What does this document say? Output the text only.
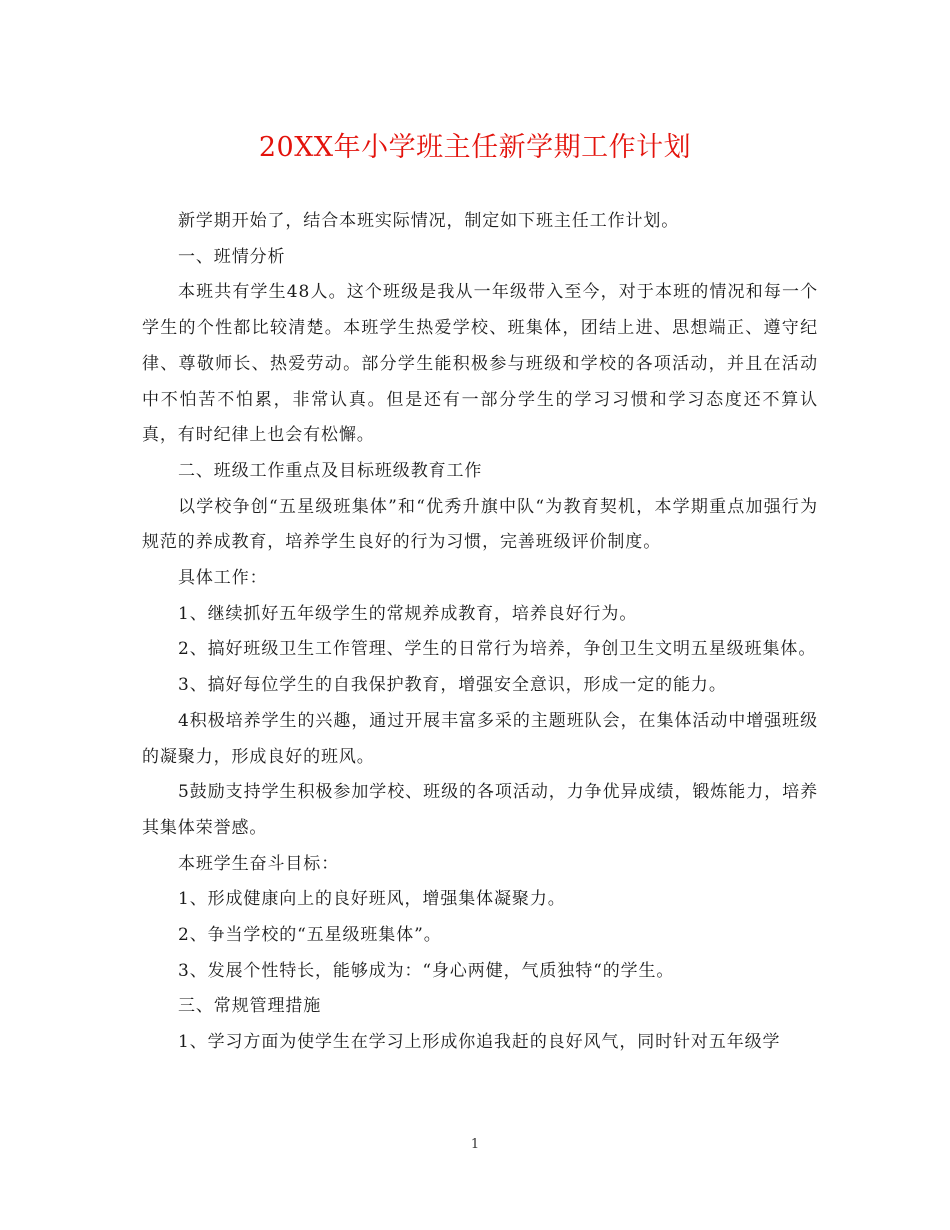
20XX年小学班主任新学期工作计划

新学期开始了，结合本班实际情况，制定如下班主任工作计划。

一、班情分析

本班共有学生48人。这个班级是我从一年级带入至今，对于本班的情况和每一个学生的个性都比较清楚。本班学生热爱学校、班集体，团结上进、思想端正、遵守纪律、尊敬师长、热爱劳动。部分学生能积极参与班级和学校的各项活动，并且在活动中不怕苦不怕累，非常认真。但是还有一部分学生的学习习惯和学习态度还不算认真，有时纪律上也会有松懈。

二、班级工作重点及目标班级教育工作

以学校争创“五星级班集体”和“优秀升旗中队“为教育契机，本学期重点加强行为规范的养成教育，培养学生良好的行为习惯，完善班级评价制度。

具体工作：

1、继续抓好五年级学生的常规养成教育，培养良好行为。

2、搞好班级卫生工作管理、学生的日常行为培养，争创卫生文明五星级班集体。

3、搞好每位学生的自我保护教育，增强安全意识，形成一定的能力。

4积极培养学生的兴趣，通过开展丰富多采的主题班队会，在集体活动中增强班级的凝聚力，形成良好的班风。

5鼓励支持学生积极参加学校、班级的各项活动，力争优异成绩，锻炼能力，培养其集体荣誉感。

本班学生奋斗目标：

1、形成健康向上的良好班风，增强集体凝聚力。

2、争当学校的“五星级班集体”。

3、发展个性特长，能够成为：“身心两健，气质独特“的学生。

三、常规管理措施

1、学习方面为使学生在学习上形成你追我赶的良好风气，同时针对五年级学

1
